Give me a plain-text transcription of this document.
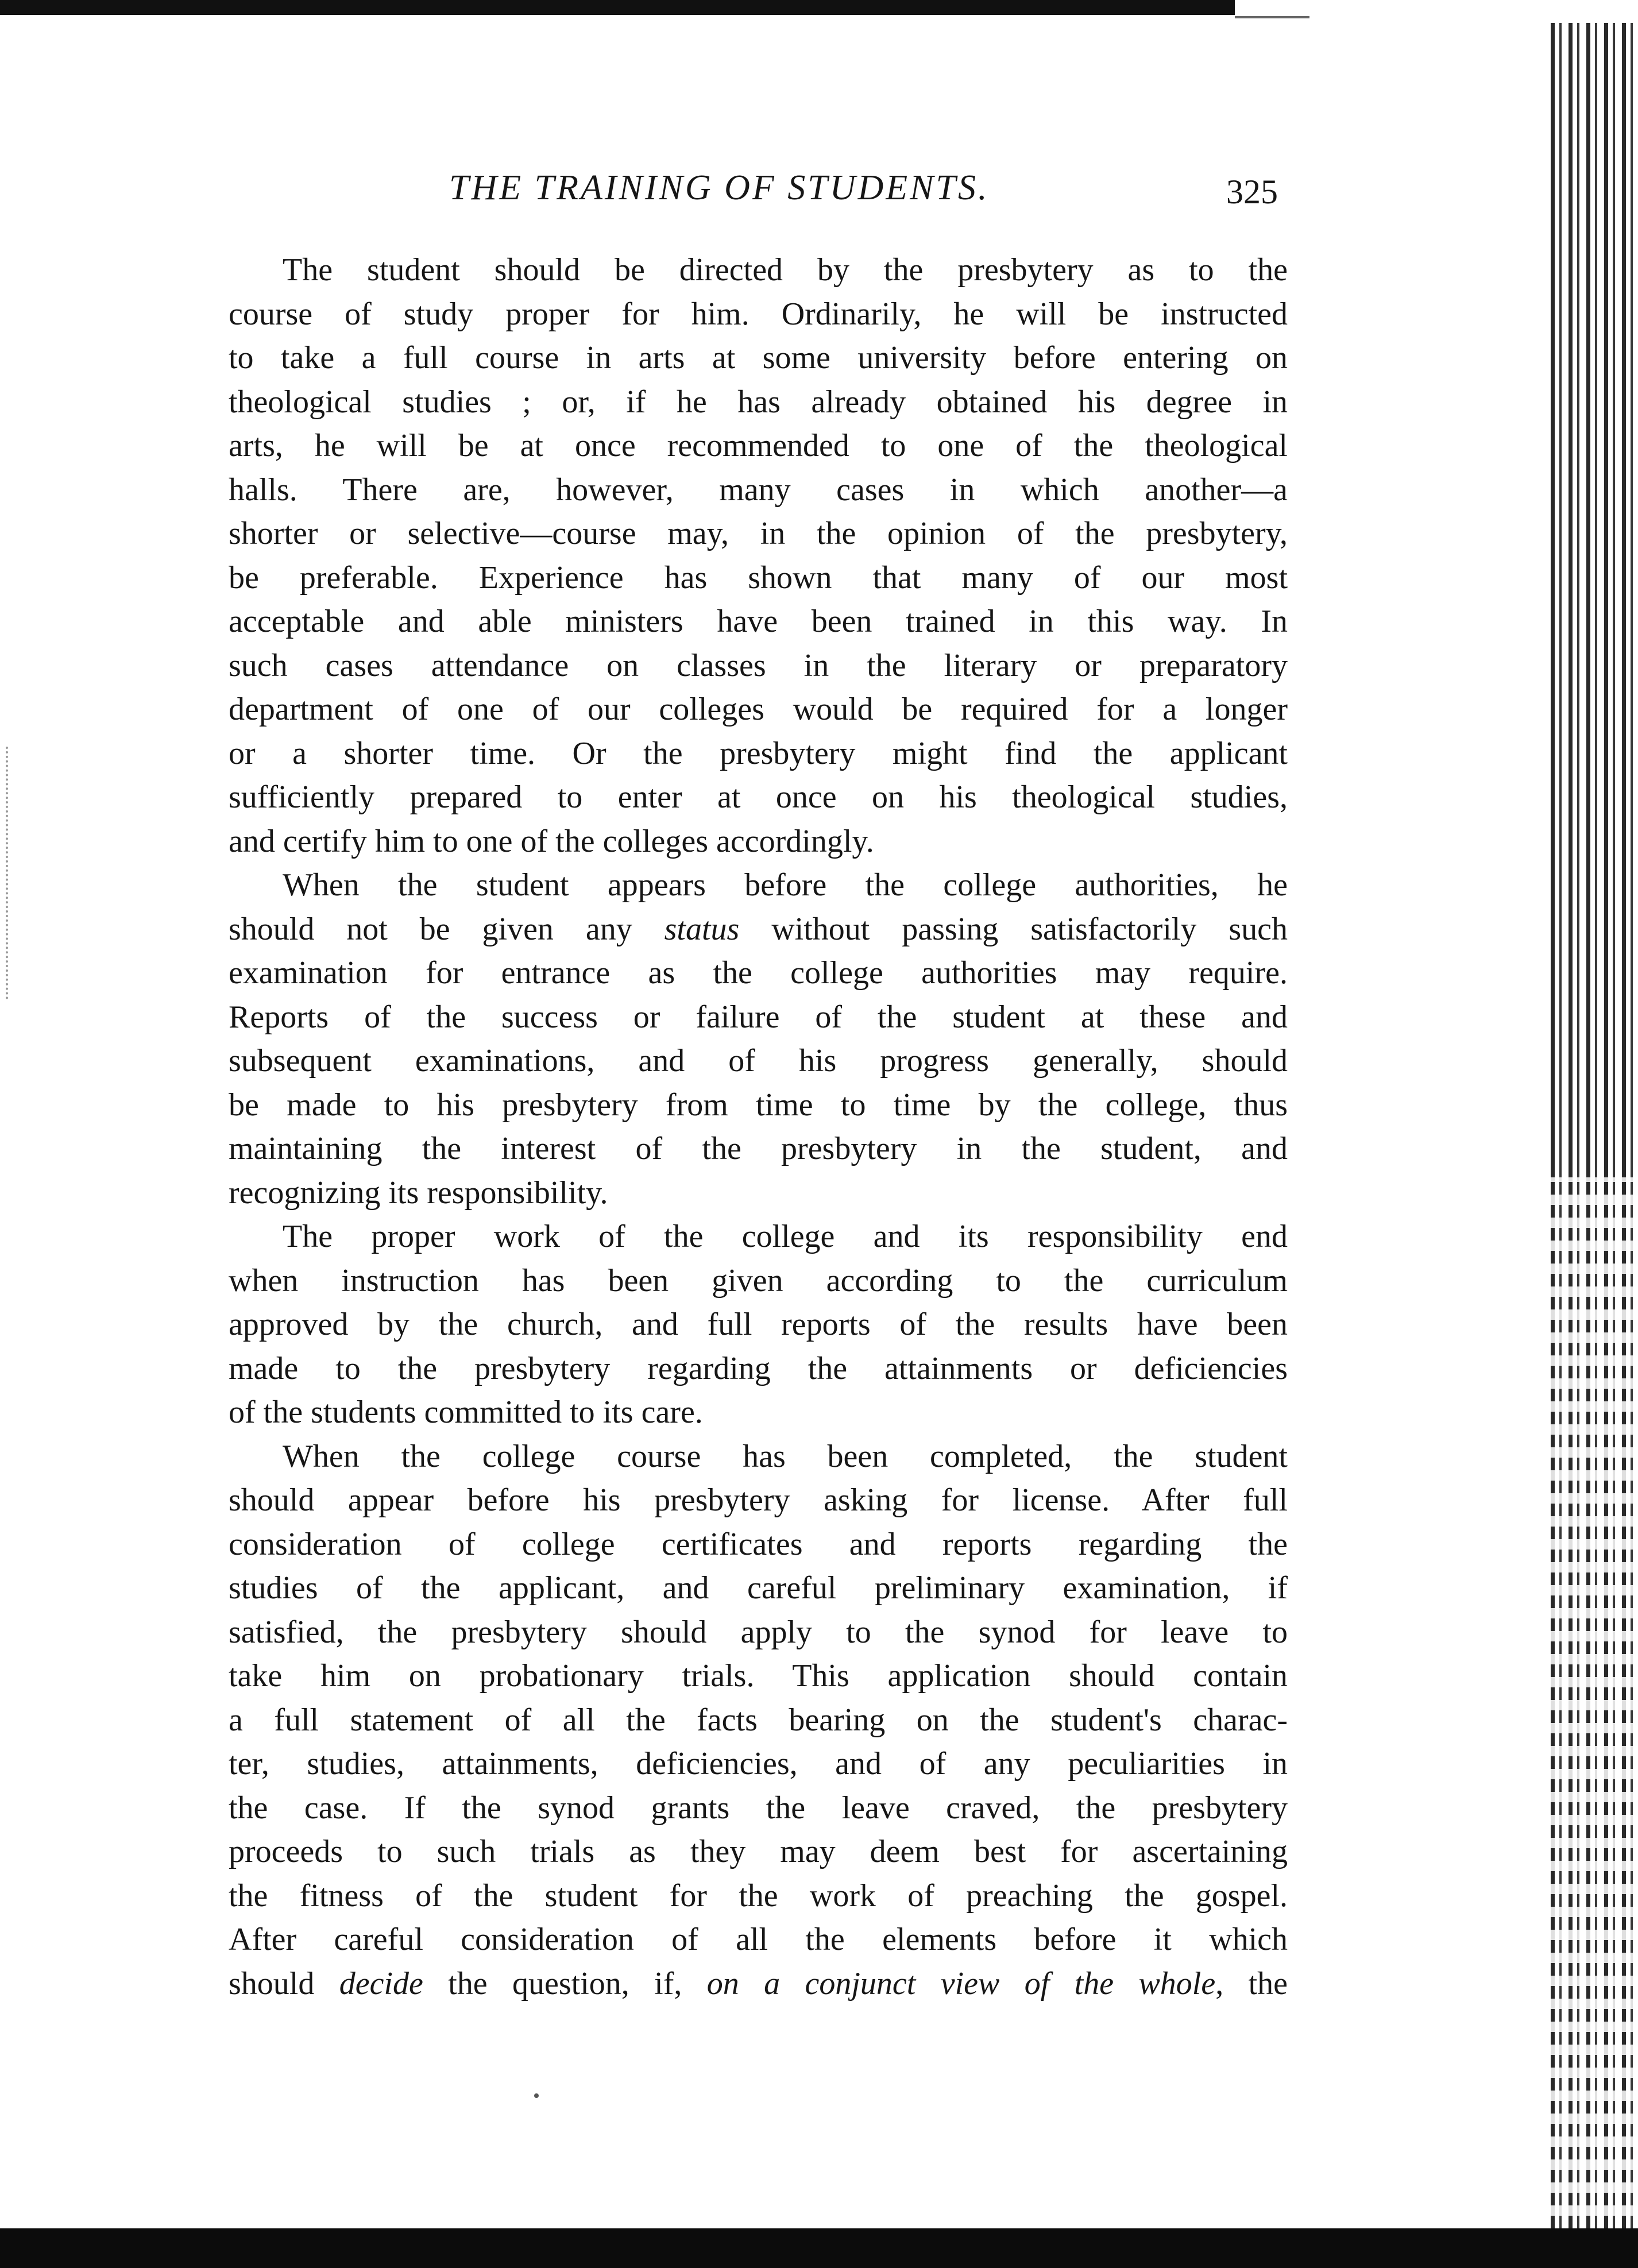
THE TRAINING OF STUDENTS.	325
The student should be directed by the presbytery as to the
course of study proper for him. Ordinarily, he will be instructed
to take a full course in arts at some university before entering on
theological studies ; or, if he has already obtained his degree in
arts, he will be at once recommended to one of the theological
halls. There are, however, many cases in which another—a
shorter or selective—course may, in the opinion of the presbytery,
be preferable. Experience has shown that many of our most
acceptable and able ministers have been trained in this way. In
such cases attendance on classes in the literary or preparatory
department of one of our colleges would be required for a longer
or a shorter time. Or the presbytery might find the applicant
sufficiently prepared to enter at once on his theological studies,
and certify him to one of the colleges accordingly.
When the student appears before the college authorities, he
should not be given any status without passing satisfactorily such
examination for entrance as the college authorities may require.
Reports of the success or failure of the student at these and
subsequent examinations, and of his progress generally, should
be made to his presbytery from time to time by the college, thus
maintaining the interest of the presbytery in the student, and
recognizing its responsibility.
The proper work of the college and its responsibility end
when instruction has been given according to the curriculum
approved by the church, and full reports of the results have been
made to the presbytery regarding the attainments or deficiencies
of the students committed to its care.
When the college course has been completed, the student
should appear before his presbytery asking for license. After full
consideration of college certificates and reports regarding the
studies of the applicant, and careful preliminary examination, if
satisfied, the presbytery should apply to the synod for leave to
take him on probationary trials. This application should contain
a full statement of all the facts bearing on the student's charac-
ter, studies, attainments, deficiencies, and of any peculiarities in
the case. If the synod grants the leave craved, the presbytery
proceeds to such trials as they may deem best for ascertaining
the fitness of the student for the work of preaching the gospel.
After careful consideration of all the elements before it which
should decide the question, if, on a conjunct view of the whole, the
